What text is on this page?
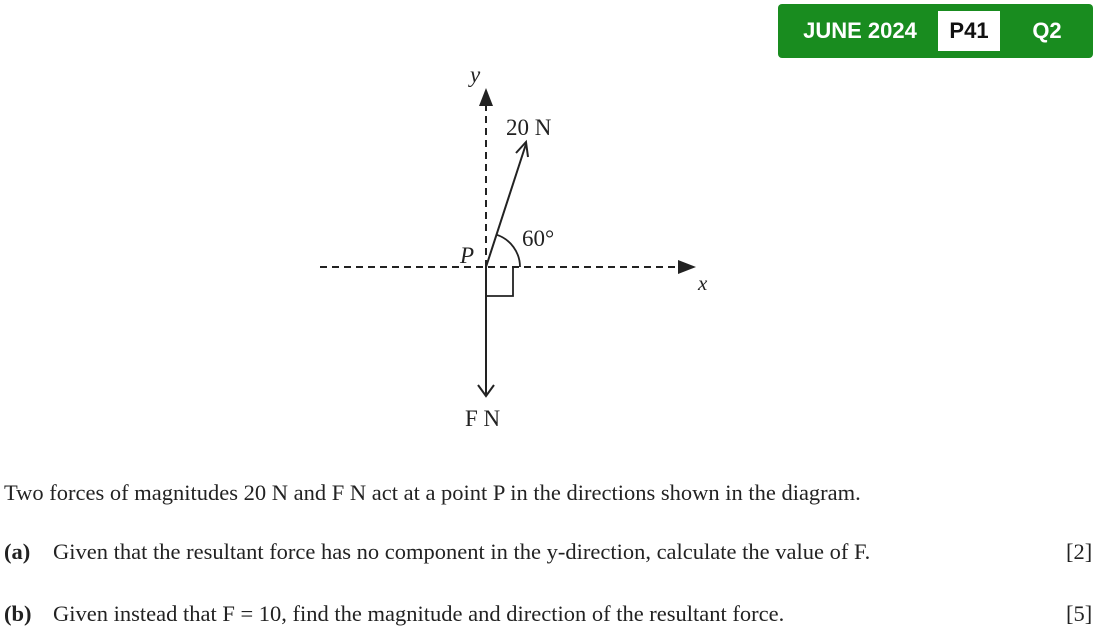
JUNE 2024	P41	Q2
y
x
P
20 N
60°
F N
Two forces of magnitudes 20 N and F N act at a point P in the directions shown in the diagram.
(a) Given that the resultant force has no component in the y-direction, calculate the value of F.	[2]
(b) Given instead that F = 10, find the magnitude and direction of the resultant force.	[5]
